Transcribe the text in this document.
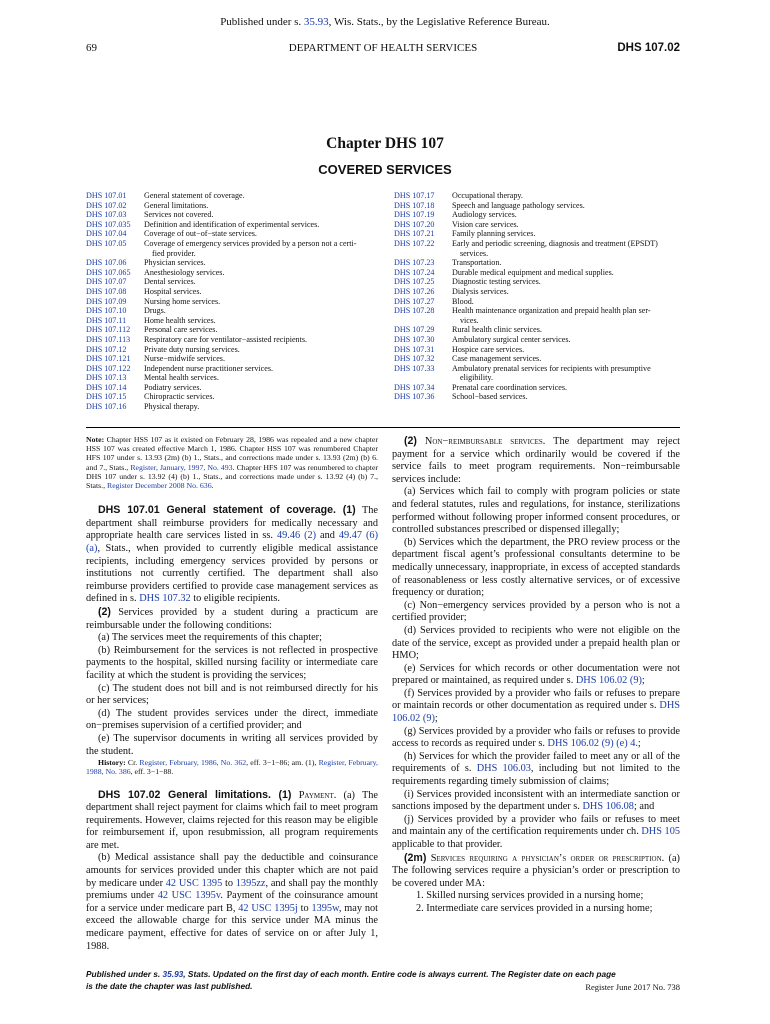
Published under s. 35.93, Wis. Stats., by the Legislative Reference Bureau.
DEPARTMENT OF HEALTH SERVICES
69	DHS 107.02
Chapter DHS 107
COVERED SERVICES
DHS 107.01	General statement of coverage.
DHS 107.02	General limitations.
DHS 107.03	Services not covered.
DHS 107.035	Definition and identification of experimental services.
DHS 107.04	Coverage of out−of−state services.
DHS 107.05	Coverage of emergency services provided by a person not a certi-
fied provider.
DHS 107.06	Physician services.
DHS 107.065	Anesthesiology services.
DHS 107.07	Dental services.
DHS 107.08	Hospital services.
DHS 107.09	Nursing home services.
DHS 107.10	Drugs.
DHS 107.11	Home health services.
DHS 107.112	Personal care services.
DHS 107.113	Respiratory care for ventilator−assisted recipients.
DHS 107.12	Private duty nursing services.
DHS 107.121	Nurse−midwife services.
DHS 107.122	Independent nurse practitioner services.
DHS 107.13	Mental health services.
DHS 107.14	Podiatry services.
DHS 107.15	Chiropractic services.
DHS 107.16	Physical therapy.
DHS 107.17	Occupational therapy.
DHS 107.18	Speech and language pathology services.
DHS 107.19	Audiology services.
DHS 107.20	Vision care services.
DHS 107.21	Family planning services.
DHS 107.22	Early and periodic screening, diagnosis and treatment (EPSDT)
services.
DHS 107.23	Transportation.
DHS 107.24	Durable medical equipment and medical supplies.
DHS 107.25	Diagnostic testing services.
DHS 107.26	Dialysis services.
DHS 107.27	Blood.
DHS 107.28	Health maintenance organization and prepaid health plan ser-
vices.
DHS 107.29	Rural health clinic services.
DHS 107.30	Ambulatory surgical center services.
DHS 107.31	Hospice care services.
DHS 107.32	Case management services.
DHS 107.33	Ambulatory prenatal services for recipients with presumptive
eligibility.
DHS 107.34	Prenatal care coordination services.
DHS 107.36	School−based services.

Note: Chapter HSS 107 as it existed on February 28, 1986 was repealed and a new chapter HSS 107 was created effective March 1, 1986. Chapter HSS 107 was renumbered Chapter HFS 107 under s. 13.93 (2m) (b) 1., Stats., and corrections made under s. 13.93 (2m) (b) 6. and 7., Stats., Register, January, 1997, No. 493. Chapter HFS 107 was renumbered to chapter DHS 107 under s. 13.92 (4) (b) 1., Stats., and corrections made under s. 13.92 (4) (b) 7., Stats., Register December 2008 No. 636.

DHS 107.01 General statement of coverage. (1) The department shall reimburse providers for medically necessary and appropriate health care services listed in ss. 49.46 (2) and 49.47 (6) (a), Stats., when provided to currently eligible medical assistance recipients, including emergency services provided by persons or institutions not currently certified. The department shall also reimburse providers certified to provide case management services as defined in s. DHS 107.32 to eligible recipients.

(2) Services provided by a student during a practicum are reimbursable under the following conditions:

(a) The services meet the requirements of this chapter;

(b) Reimbursement for the services is not reflected in prospective payments to the hospital, skilled nursing facility or intermediate care facility at which the student is providing the services;

(c) The student does not bill and is not reimbursed directly for his or her services;

(d) The student provides services under the direct, immediate on−premises supervision of a certified provider; and

(e) The supervisor documents in writing all services provided by the student.

History: Cr. Register, February, 1986, No. 362, eff. 3−1−86; am. (1), Register, February, 1988, No. 386, eff. 3−1−88.

DHS 107.02 General limitations. (1) Payment. (a) The department shall reject payment for claims which fail to meet program requirements. However, claims rejected for this reason may be eligible for reimbursement if, upon resubmission, all program requirements are met.

(b) Medical assistance shall pay the deductible and coinsurance amounts for services provided under this chapter which are not paid by medicare under 42 USC 1395 to 1395zz, and shall pay the monthly premiums under 42 USC 1395v. Payment of the coinsurance amount for a service under medicare part B, 42 USC 1395j to 1395w, may not exceed the allowable charge for this service under MA minus the medicare payment, effective for dates of service on or after July 1, 1988.

(2) Non−reimbursable services. The department may reject payment for a service which ordinarily would be covered if the service fails to meet program requirements. Non−reimbursable services include:

(a) Services which fail to comply with program policies or state and federal statutes, rules and regulations, for instance, sterilizations performed without following proper informed consent procedures, or controlled substances prescribed or dispensed illegally;

(b) Services which the department, the PRO review process or the department fiscal agent’s professional consultants determine to be medically unnecessary, inappropriate, in excess of accepted standards of reasonableness or less costly alternative services, or of excessive frequency or duration;

(c) Non−emergency services provided by a person who is not a certified provider;

(d) Services provided to recipients who were not eligible on the date of the service, except as provided under a prepaid health plan or HMO;

(e) Services for which records or other documentation were not prepared or maintained, as required under s. DHS 106.02 (9);

(f) Services provided by a provider who fails or refuses to prepare or maintain records or other documentation as required under s. DHS 106.02 (9);

(g) Services provided by a provider who fails or refuses to provide access to records as required under s. DHS 106.02 (9) (e) 4.;

(h) Services for which the provider failed to meet any or all of the requirements of s. DHS 106.03, including but not limited to the requirements regarding timely submission of claims;

(i) Services provided inconsistent with an intermediate sanction or sanctions imposed by the department under s. DHS 106.08; and

(j) Services provided by a provider who fails or refuses to meet and maintain any of the certification requirements under ch. DHS 105 applicable to that provider.

(2m) Services requiring a physician’s order or prescription. (a) The following services require a physician’s order or prescription to be covered under MA:

1. Skilled nursing services provided in a nursing home;

2. Intermediate care services provided in a nursing home;

Published under s. 35.93, Stats. Updated on the first day of each month. Entire code is always current. The Register date on each page
is the date the chapter was last published.	Register June 2017 No. 738
